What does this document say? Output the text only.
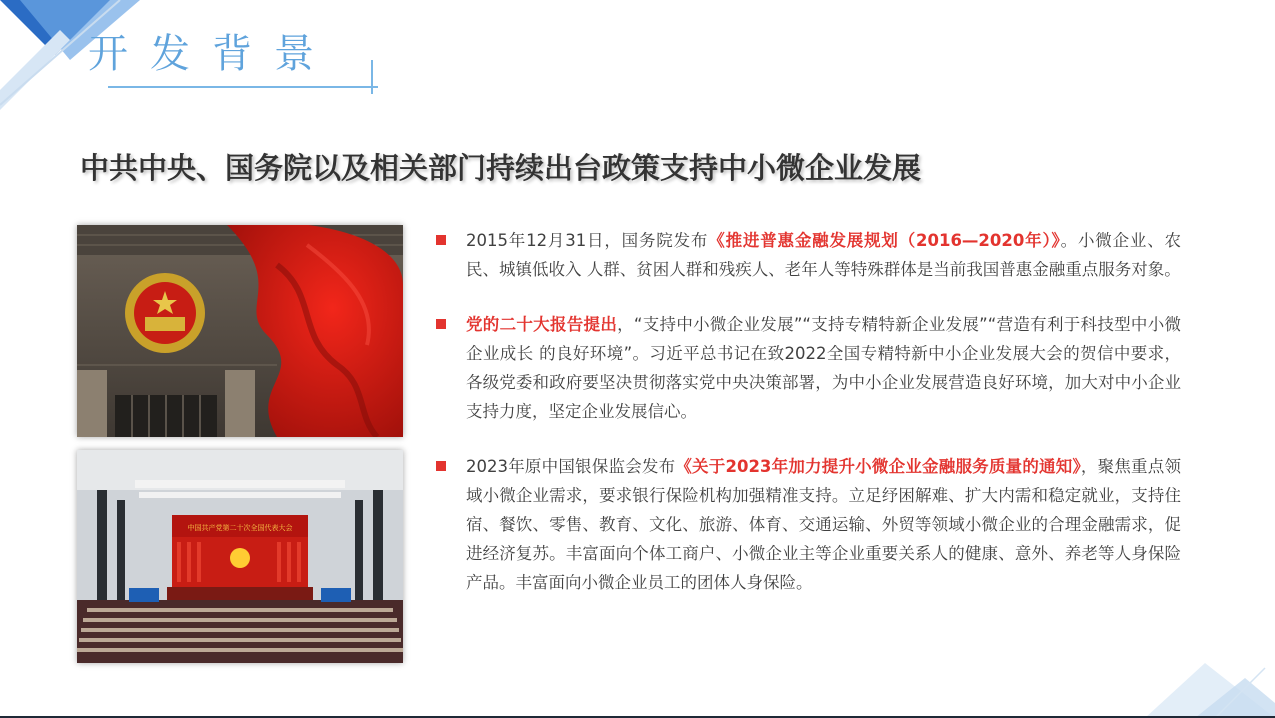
开发背景
中共中央、国务院以及相关部门持续出台政策支持中小微企业发展
中国共产党第二十次全国代表大会
2015年12月31日，国务院发布《推进普惠金融发展规划（2016—2020年）》。小微企业、农民、城镇低收入 人群、贫困人群和残疾人、老年人等特殊群体是当前我国普惠金融重点服务对象。
党的二十大报告提出，“支持中小微企业发展”“支持专精特新企业发展”“营造有利于科技型中小微企业成长 的良好环境”。习近平总书记在致2022全国专精特新中小企业发展大会的贺信中要求，各级党委和政府要坚决贯彻落实党中央决策部署，为中小企业发展营造良好环境，加大对中小企业支持力度，坚定企业发展信心。
2023年原中国银保监会发布《关于2023年加力提升小微企业金融服务质量的通知》，聚焦重点领域小微企业需求，要求银行保险机构加强精准支持。立足纾困解难、扩大内需和稳定就业，支持住宿、餐饮、零售、教育、文化、旅游、体育、交通运输、外贸等领域小微企业的合理金融需求，促进经济复苏。丰富面向个体工商户、小微企业主等企业重要关系人的健康、意外、养老等人身保险产品。丰富面向小微企业员工的团体人身保险。
